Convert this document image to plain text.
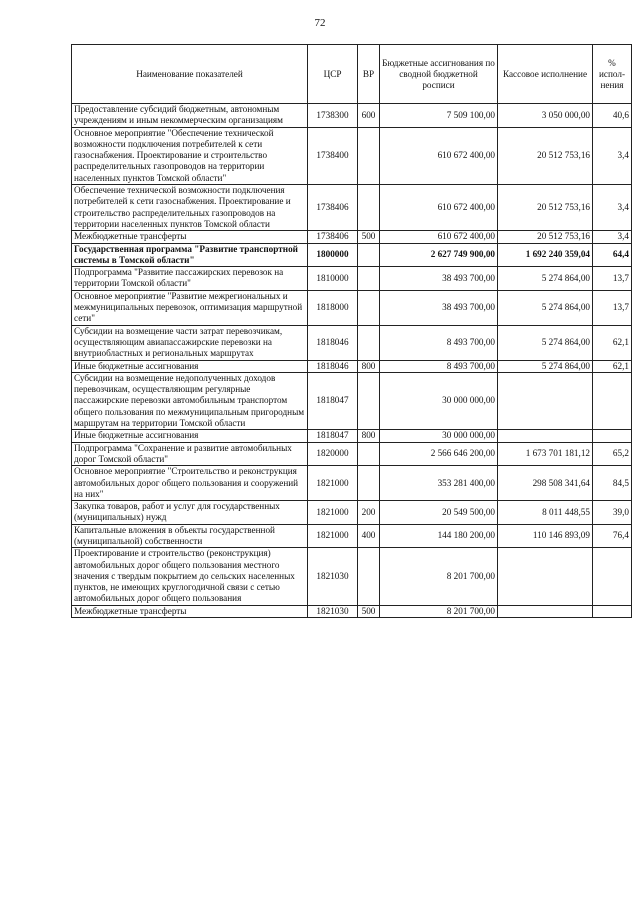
72
Наименование показателей	ЦСР	ВР	Бюджетные ассигнования по сводной бюджетной росписи	Кассовое исполнение	% испол-нения
Предоставление субсидий бюджетным, автономным учреждениям и иным некоммерческим организациям	1738300	600	7 509 100,00	3 050 000,00	40,6
Основное мероприятие "Обеспечение технической возможности подключения потребителей к сети газоснабжения. Проектирование и строительство распределительных газопроводов на территории населенных пунктов Томской области"	1738400		610 672 400,00	20 512 753,16	3,4
Обеспечение технической возможности подключения потребителей к сети газоснабжения. Проектирование и строительство распределительных газопроводов на территории населенных пунктов Томской области	1738406		610 672 400,00	20 512 753,16	3,4
Межбюджетные трансферты	1738406	500	610 672 400,00	20 512 753,16	3,4
Государственная программа "Развитие транспортной системы в Томской области"	1800000		2 627 749 900,00	1 692 240 359,04	64,4
Подпрограмма "Развитие пассажирских перевозок на территории Томской области"	1810000		38 493 700,00	5 274 864,00	13,7
Основное мероприятие "Развитие межрегиональных и межмуниципальных перевозок, оптимизация маршрутной сети"	1818000		38 493 700,00	5 274 864,00	13,7
Субсидии на возмещение части затрат перевозчикам, осуществляющим авиапассажирские перевозки на внутриобластных и региональных маршрутах	1818046		8 493 700,00	5 274 864,00	62,1
Иные бюджетные ассигнования	1818046	800	8 493 700,00	5 274 864,00	62,1
Субсидии на возмещение недополученных доходов перевозчикам, осуществляющим регулярные пассажирские перевозки автомобильным транспортом общего пользования по межмуниципальным пригородным маршрутам на территории Томской области	1818047		30 000 000,00		
Иные бюджетные ассигнования	1818047	800	30 000 000,00		
Подпрограмма "Сохранение и развитие автомобильных дорог Томской области"	1820000		2 566 646 200,00	1 673 701 181,12	65,2
Основное мероприятие "Строительство и реконструкция автомобильных дорог общего пользования и сооружений на них"	1821000		353 281 400,00	298 508 341,64	84,5
Закупка товаров, работ и услуг для государственных (муниципальных) нужд	1821000	200	20 549 500,00	8 011 448,55	39,0
Капитальные вложения в объекты государственной (муниципальной) собственности	1821000	400	144 180 200,00	110 146 893,09	76,4
Проектирование и строительство (реконструкция) автомобильных дорог общего пользования местного значения с твердым покрытием до сельских населенных пунктов, не имеющих круглогодичной связи с сетью автомобильных дорог общего пользования	1821030		8 201 700,00		
Межбюджетные трансферты	1821030	500	8 201 700,00		
